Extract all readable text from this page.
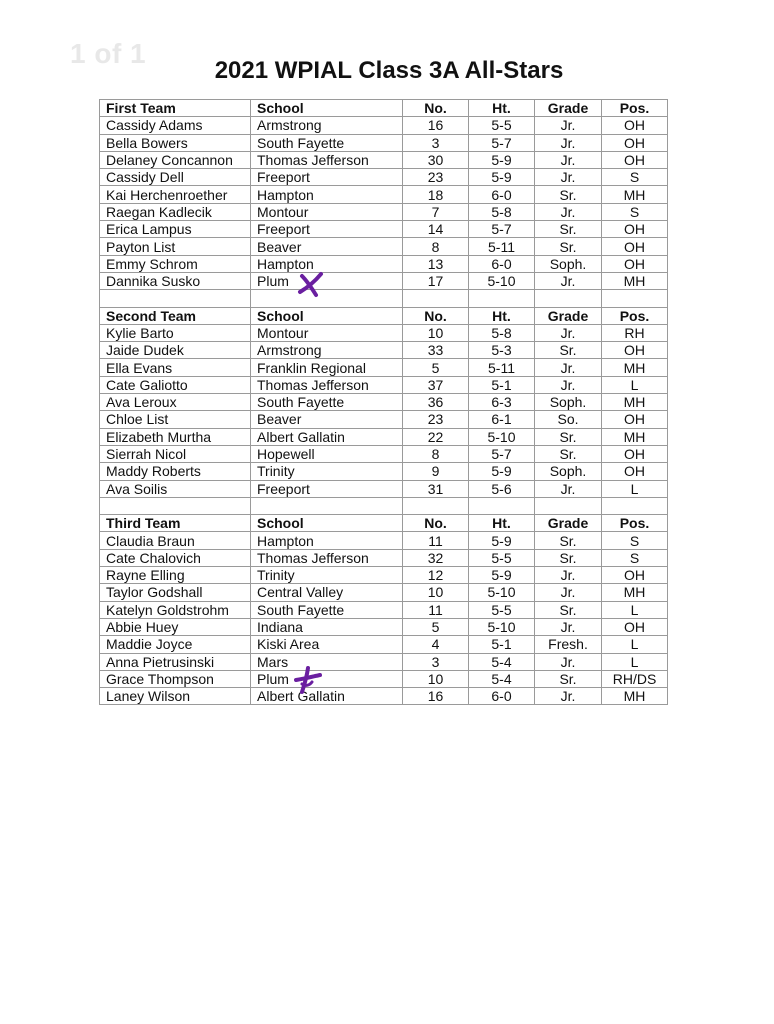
1 of 1
2021 WPIAL Class 3A All-Stars
First Team	School	No.	Ht.	Grade	Pos.
Cassidy Adams	Armstrong	16	5-5	Jr.	OH
Bella Bowers	South Fayette	3	5-7	Jr.	OH
Delaney Concannon	Thomas Jefferson	30	5-9	Jr.	OH
Cassidy Dell	Freeport	23	5-9	Jr.	S
Kai Herchenroether	Hampton	18	6-0	Sr.	MH
Raegan Kadlecik	Montour	7	5-8	Jr.	S
Erica Lampus	Freeport	14	5-7	Sr.	OH
Payton List	Beaver	8	5-11	Sr.	OH
Emmy Schrom	Hampton	13	6-0	Soph.	OH
Dannika Susko	Plum	17	5-10	Jr.	MH

Second Team	School	No.	Ht.	Grade	Pos.
Kylie Barto	Montour	10	5-8	Jr.	RH
Jaide Dudek	Armstrong	33	5-3	Sr.	OH
Ella Evans	Franklin Regional	5	5-11	Jr.	MH
Cate Galiotto	Thomas Jefferson	37	5-1	Jr.	L
Ava Leroux	South Fayette	36	6-3	Soph.	MH
Chloe List	Beaver	23	6-1	So.	OH
Elizabeth Murtha	Albert Gallatin	22	5-10	Sr.	MH
Sierrah Nicol	Hopewell	8	5-7	Sr.	OH
Maddy Roberts	Trinity	9	5-9	Soph.	OH
Ava Soilis	Freeport	31	5-6	Jr.	L

Third Team	School	No.	Ht.	Grade	Pos.
Claudia Braun	Hampton	11	5-9	Sr.	S
Cate Chalovich	Thomas Jefferson	32	5-5	Sr.	S
Rayne Elling	Trinity	12	5-9	Jr.	OH
Taylor Godshall	Central Valley	10	5-10	Jr.	MH
Katelyn Goldstrohm	South Fayette	11	5-5	Sr.	L
Abbie Huey	Indiana	5	5-10	Jr.	OH
Maddie Joyce	Kiski Area	4	5-1	Fresh.	L
Anna Pietrusinski	Mars	3	5-4	Jr.	L
Grace Thompson	Plum	10	5-4	Sr.	RH/DS
Laney Wilson	Albert Gallatin	16	6-0	Jr.	MH
